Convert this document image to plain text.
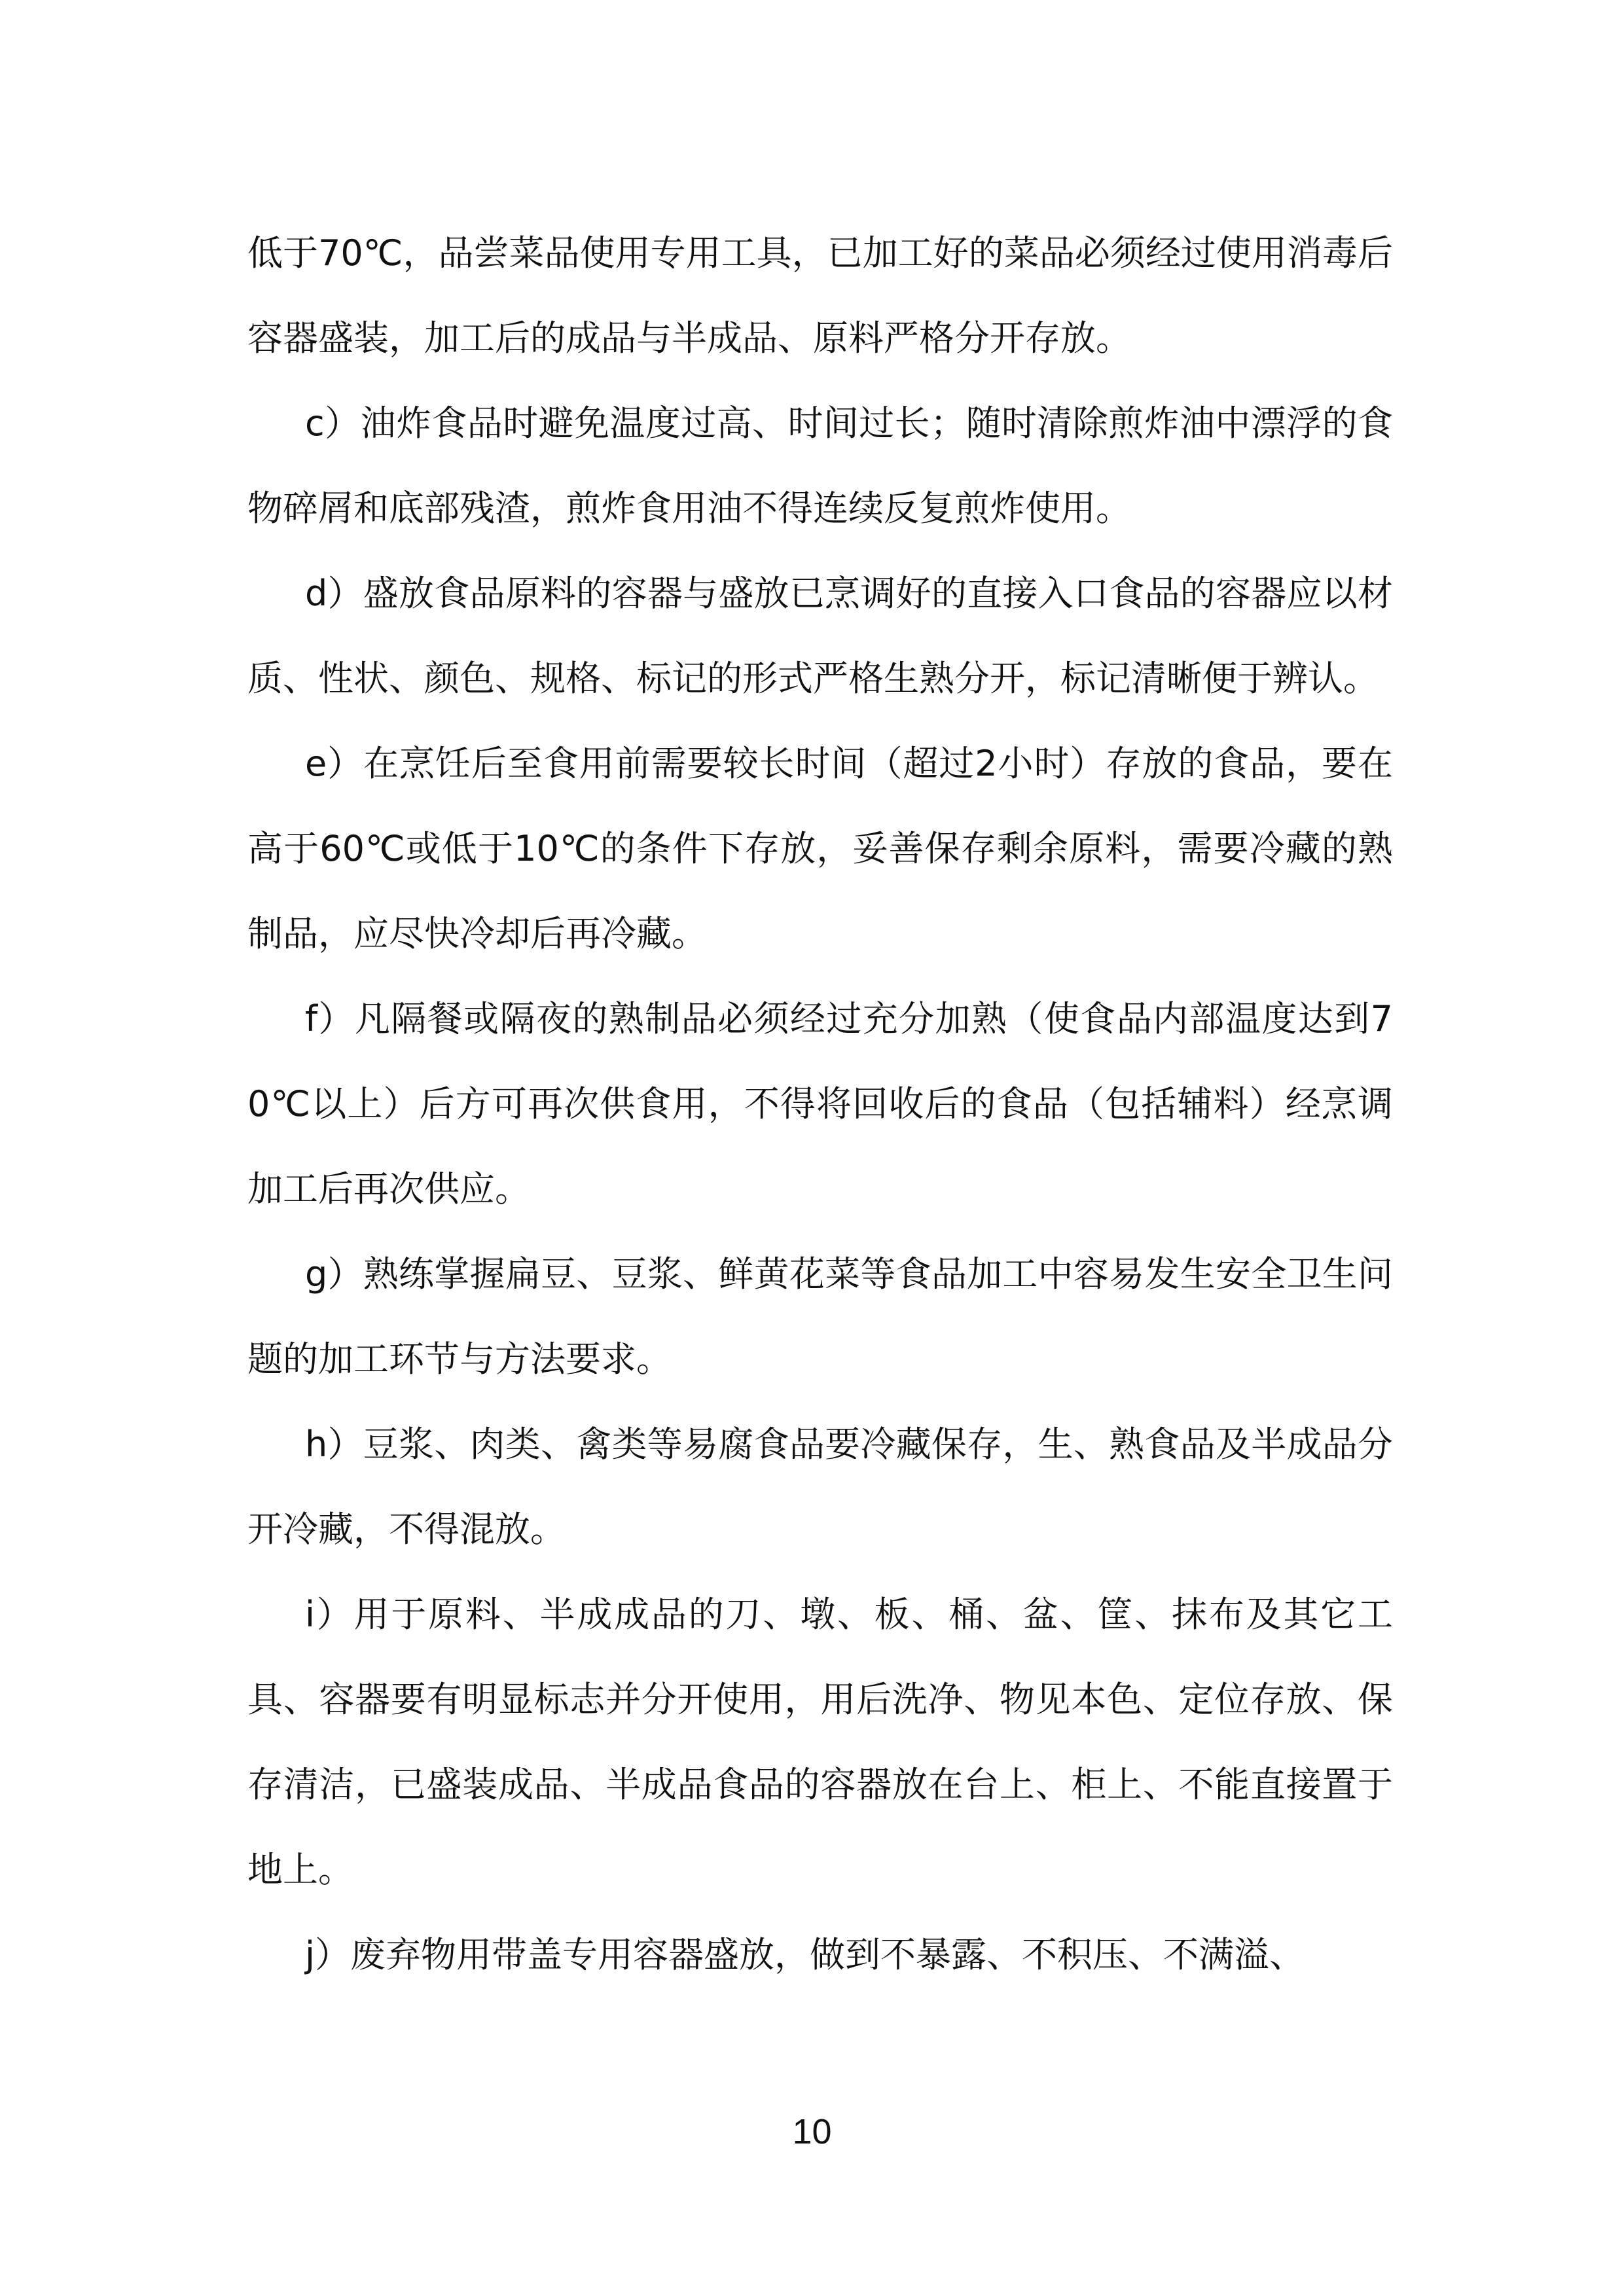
低于70℃，品尝菜品使用专用工具，已加工好的菜品必须经过使用消毒后容器盛装，加工后的成品与半成品、原料严格分开存放。

c）油炸食品时避免温度过高、时间过长；随时清除煎炸油中漂浮的食物碎屑和底部残渣，煎炸食用油不得连续反复煎炸使用。

d）盛放食品原料的容器与盛放已烹调好的直接入口食品的容器应以材质、性状、颜色、规格、标记的形式严格生熟分开，标记清晰便于辨认。

e）在烹饪后至食用前需要较长时间（超过2小时）存放的食品，要在高于60℃或低于10℃的条件下存放，妥善保存剩余原料，需要冷藏的熟制品，应尽快冷却后再冷藏。

f）凡隔餐或隔夜的熟制品必须经过充分加熟（使食品内部温度达到70℃以上）后方可再次供食用，不得将回收后的食品（包括辅料）经烹调加工后再次供应。

g）熟练掌握扁豆、豆浆、鲜黄花菜等食品加工中容易发生安全卫生问题的加工环节与方法要求。

h）豆浆、肉类、禽类等易腐食品要冷藏保存，生、熟食品及半成品分开冷藏，不得混放。

i）用于原料、半成成品的刀、墩、板、桶、盆、筐、抹布及其它工具、容器要有明显标志并分开使用，用后洗净、物见本色、定位存放、保存清洁，已盛装成品、半成品食品的容器放在台上、柜上、不能直接置于地上。

j）废弃物用带盖专用容器盛放，做到不暴露、不积压、不满溢、

10
